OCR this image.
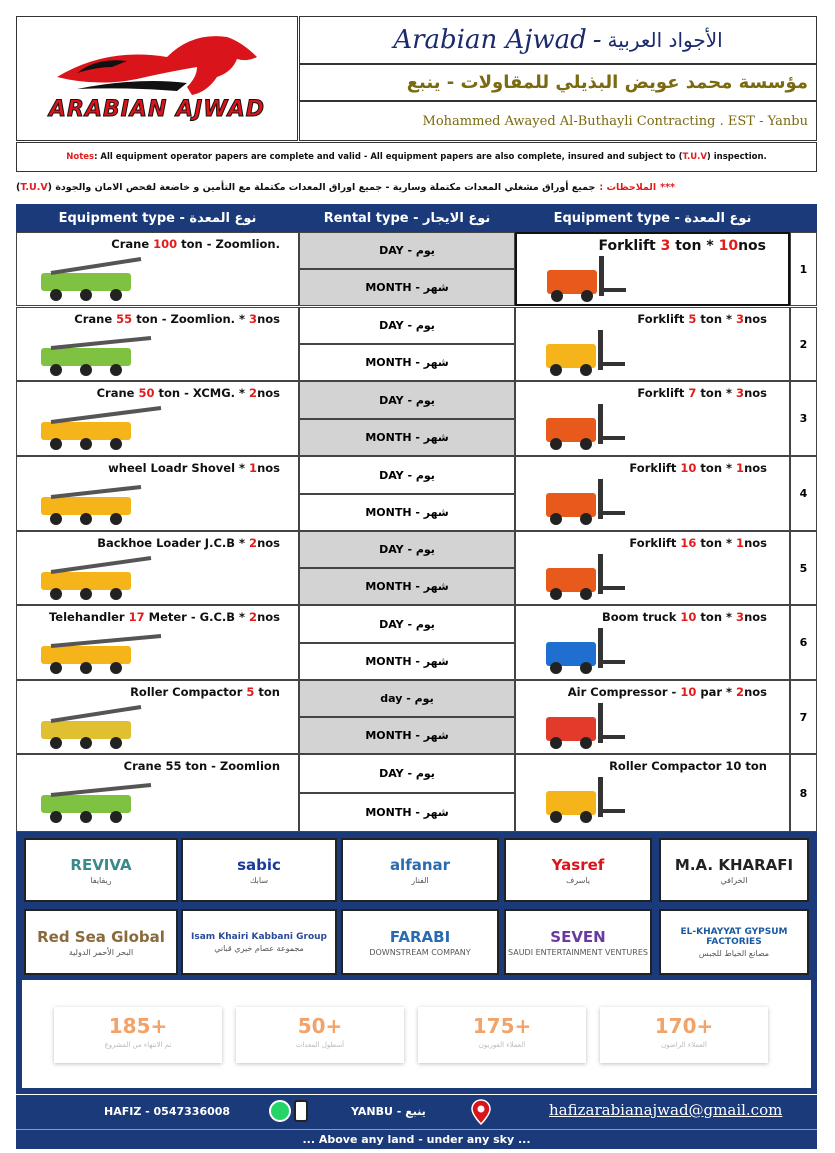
ARABIAN AJWAD
Arabian Ajwad - الأجواد العربية
مؤسسة محمد عويض البذيلي للمقاولات - ينبع
Mohammed Awayed Al-Buthayli Contracting . EST - Yanbu
Notes : All equipment operator papers are complete and valid - All equipment papers are also complete, insured and subject to ( T.U.V ) inspection.
***
الملاحظات :
جميع أوراق مشغلي المعدات مكتملة وسارية - جميع اوراق المعدات مكتملة مع التأمين و خاضعة لفحص الامان والجودة (
T.U.V
)
Equipment type - نوع المعدة	Rental type - نوع الايجار	Equipment type - نوع المعدة
Crane 100 ton - Zoomlion.	DAY - يوم
MONTH - شهر
Forklift 3 ton * 10nos
1
Crane 55 ton - Zoomlion. * 3nos	DAY - يوم
MONTH - شهر
Forklift 5 ton * 3nos
2
Crane 50 ton - XCMG. * 2nos	DAY - يوم
MONTH - شهر
Forklift 7 ton * 3nos
3
wheel Loadr Shovel * 1nos	DAY - يوم
MONTH - شهر
Forklift 10 ton * 1nos
4
Backhoe Loader J.C.B * 2nos	DAY - يوم
MONTH - شهر
Forklift 16 ton * 1nos
5
Telehandler 17 Meter - G.C.B * 2nos	DAY - يوم
MONTH - شهر
Boom truck 10 ton * 3nos
6
Roller Compactor 5 ton	day - يوم
MONTH - شهر
Air Compressor - 10 par * 2nos
7
Crane 55 ton - Zoomlion
DAY - يوم
MONTH - شهر
Roller Compactor 10 ton
8
REVIVA
ريفايفا
sabic
سابك
alfanar
الفنار
Yasref
ياسرف
M.A. KHARAFI
الخرافي
Red Sea Global
البحر الأحمر الدولية
Isam Khairi Kabbani Group
مجموعة عصام خيري قباني
FARABI
DOWNSTREAM COMPANY
SEVEN
SAUDI ENTERTAINMENT VENTURES
EL-KHAYYAT GYPSUM FACTORIES
مصانع الخياط للجبس
185+
تم الانتهاء من المشروع
50+
أسطول المعدات
175+
العملاء الفوريون
170+
العملاء الراضون
HAFIZ - 0547336008	YANBU - ينبع	hafizarabianajwad@gmail.com
... Above any land - under any sky ...
